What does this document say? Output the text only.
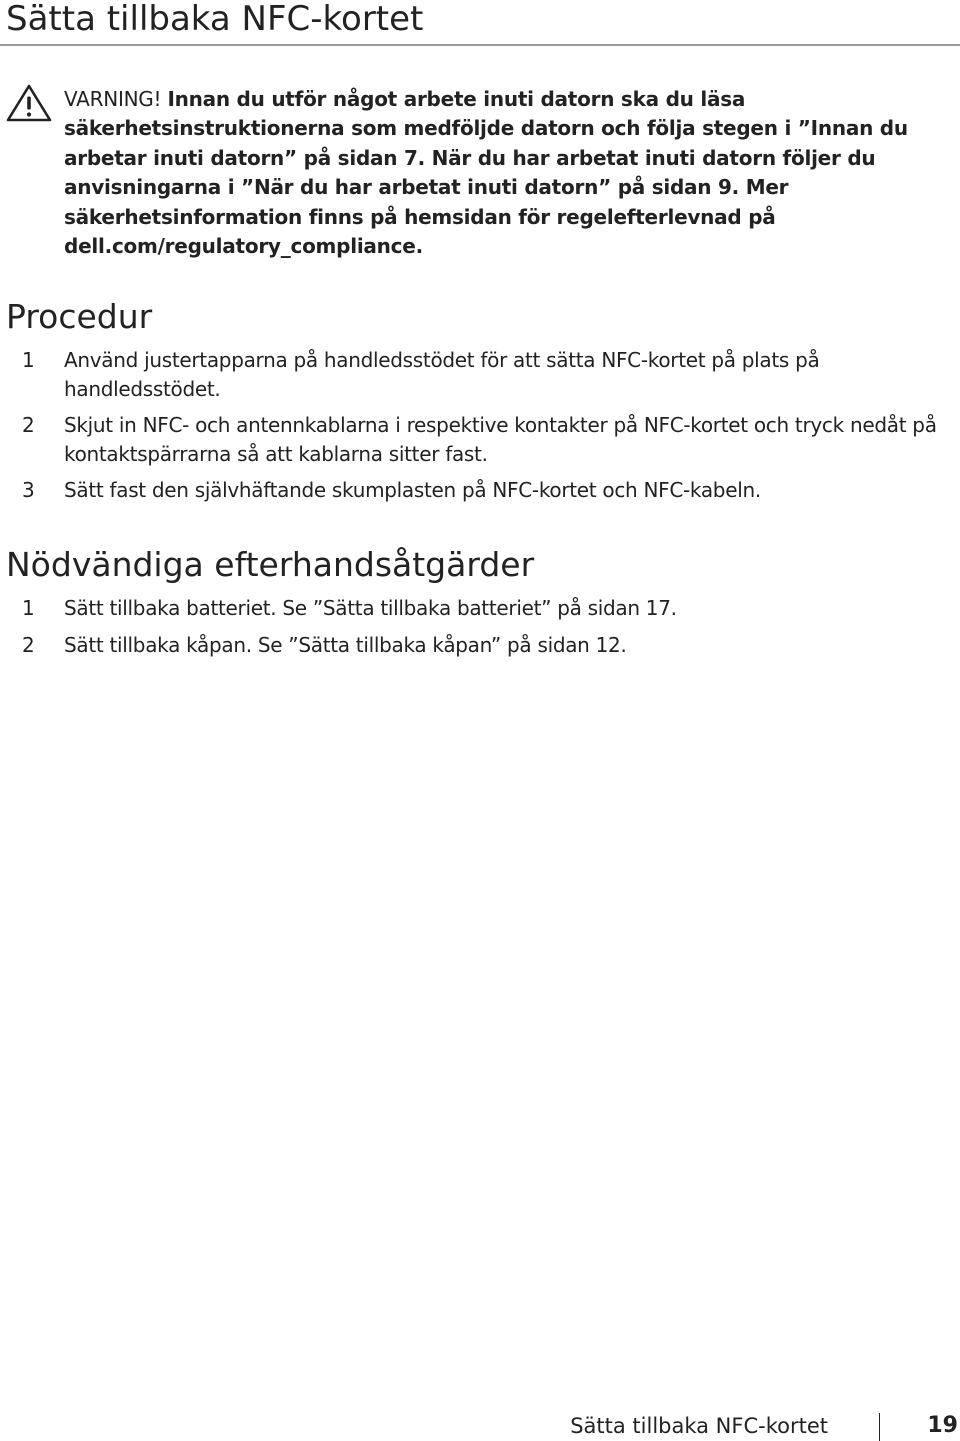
Sätta tillbaka NFC-kortet

VARNING! Innan du utför något arbete inuti datorn ska du läsa säkerhetsinstruktionerna som medföljde datorn och följa stegen i ”Innan du arbetar inuti datorn” på sidan 7. När du har arbetat inuti datorn följer du anvisningarna i ”När du har arbetat inuti datorn” på sidan 9. Mer säkerhetsinformation finns på hemsidan för regelefterlevnad på dell.com/regulatory_compliance.

Procedur
1 Använd justertapparna på handledsstödet för att sätta NFC-kortet på plats på handledsstödet.
2 Skjut in NFC- och antennkablarna i respektive kontakter på NFC-kortet och tryck nedåt på kontaktspärrarna så att kablarna sitter fast.
3 Sätt fast den självhäftande skumplasten på NFC-kortet och NFC-kabeln.
Nödvändiga efterhandsåtgärder
1 Sätt tillbaka batteriet. Se ”Sätta tillbaka batteriet” på sidan 17.
2 Sätt tillbaka kåpan. Se ”Sätta tillbaka kåpan” på sidan 12.
Sätta tillbaka NFC-kortet	19
